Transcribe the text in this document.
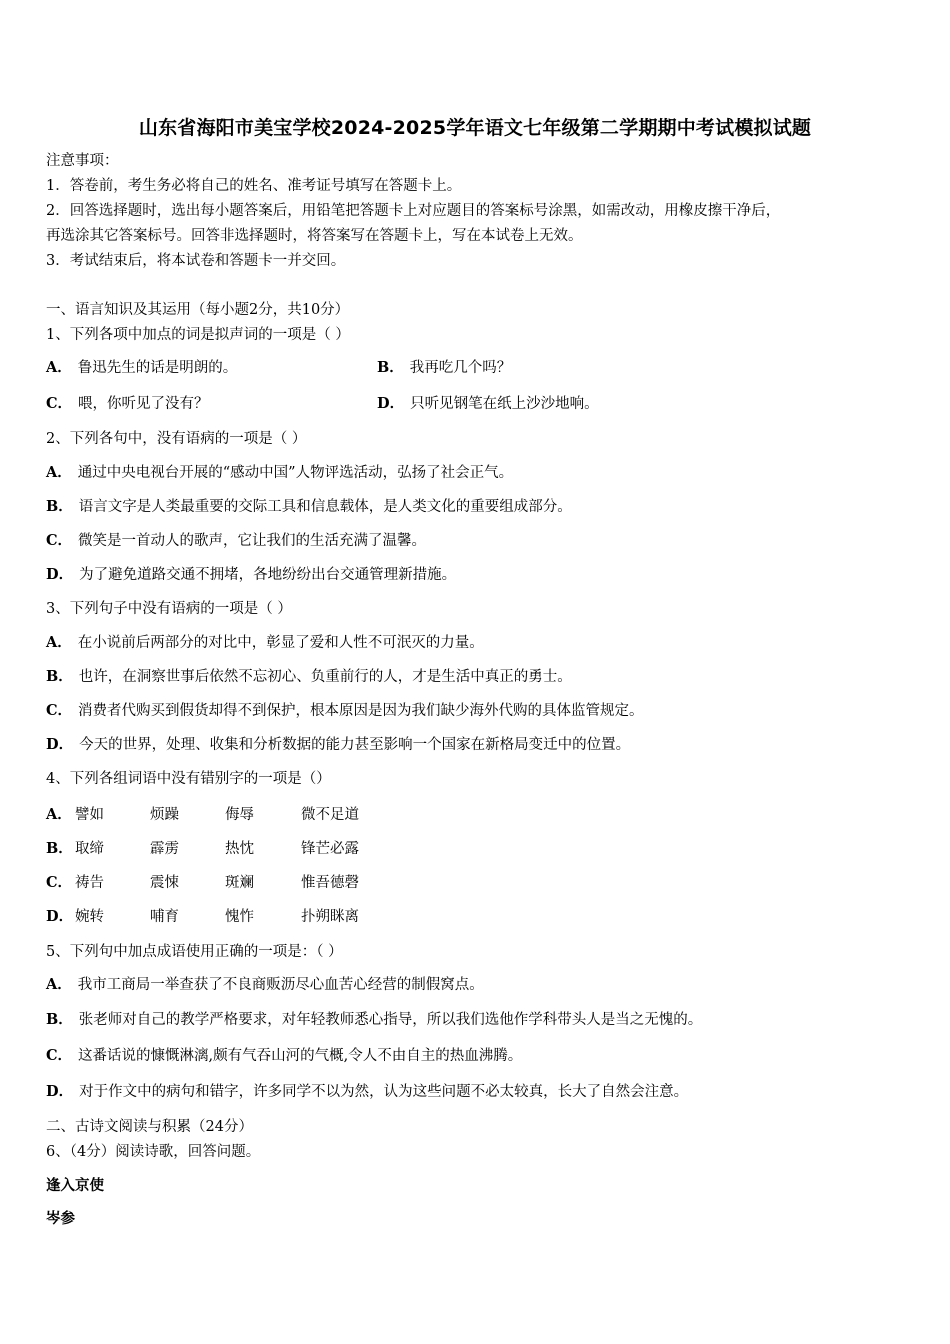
山东省海阳市美宝学校2024-2025学年语文七年级第二学期期中考试模拟试题
注意事项：
1．答卷前，考生务必将自己的姓名、准考证号填写在答题卡上。
2．回答选择题时，选出每小题答案后，用铅笔把答题卡上对应题目的答案标号涂黑，如需改动，用橡皮擦干净后，
再选涂其它答案标号。回答非选择题时，将答案写在答题卡上，写在本试卷上无效。
3．考试结束后，将本试卷和答题卡一并交回。
一、语言知识及其运用（每小题2分，共10分）
1、下列各项中加点的词是拟声词的一项是（ ）
A． 鲁迅先生的话是明朗的。	B． 我再吃几个吗？
C． 喂，你听见了没有？	D． 只听见钢笔在纸上沙沙地响。
2、下列各句中，没有语病的一项是（ ）
A． 通过中央电视台开展的“感动中国”人物评选活动，弘扬了社会正气。
B． 语言文字是人类最重要的交际工具和信息载体，是人类文化的重要组成部分。
C． 微笑是一首动人的歌声，它让我们的生活充满了温馨。
D． 为了避免道路交通不拥堵，各地纷纷出台交通管理新措施。
3、下列句子中没有语病的一项是（ ）
A． 在小说前后两部分的对比中，彰显了爱和人性不可泯灭的力量。
B． 也许，在洞察世事后依然不忘初心、负重前行的人，才是生活中真正的勇士。
C． 消费者代购买到假货却得不到保护，根本原因是因为我们缺少海外代购的具体监管规定。
D． 今天的世界，处理、收集和分析数据的能力甚至影响一个国家在新格局变迁中的位置。
4、下列各组词语中没有错别字的一项是（）
A． 譬如	烦躁	侮辱	微不足道
B． 取缔	霹雳	热忱	锋芒必露
C． 祷告	震悚	斑斓	惟吾德磬
D． 婉转	哺育	愧怍	扑朔眯离
5、下列句中加点成语使用正确的一项是：（ ）
A． 我市工商局一举查获了不良商贩沥尽心血苦心经营的制假窝点。
B． 张老师对自己的教学严格要求，对年轻教师悉心指导，所以我们选他作学科带头人是当之无愧的。
C． 这番话说的慷慨淋漓,颇有气吞山河的气概,令人不由自主的热血沸腾。
D． 对于作文中的病句和错字，许多同学不以为然，认为这些问题不必太较真，长大了自然会注意。
二、古诗文阅读与积累（24分）
6、（4分）阅读诗歌，回答问题。
逢入京使
岑参
